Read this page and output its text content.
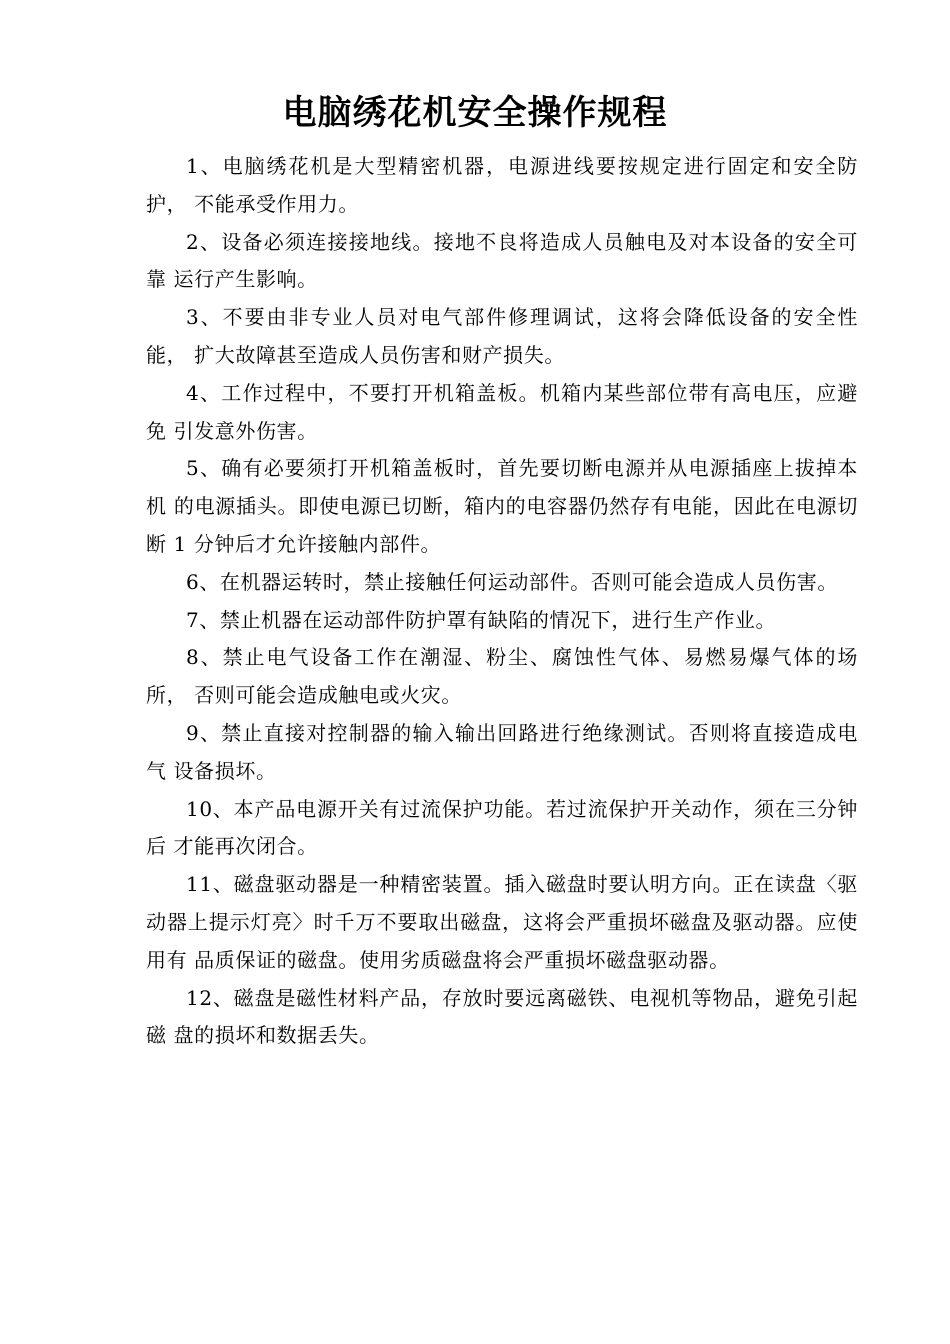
电脑绣花机安全操作规程

1、电脑绣花机是大型精密机器，电源进线要按规定进行固定和安全防护， 不能承受作用力。

2、设备必须连接接地线。接地不良将造成人员触电及对本设备的安全可靠 运行产生影响。

3、不要由非专业人员对电气部件修理调试，这将会降低设备的安全性能， 扩大故障甚至造成人员伤害和财产损失。

4、工作过程中，不要打开机箱盖板。机箱内某些部位带有高电压，应避免 引发意外伤害。

5、确有必要须打开机箱盖板时，首先要切断电源并从电源插座上拔掉本机 的电源插头。即使电源已切断，箱内的电容器仍然存有电能，因此在电源切断 1 分钟后才允许接触内部件。

6、在机器运转时，禁止接触任何运动部件。否则可能会造成人员伤害。

7、禁止机器在运动部件防护罩有缺陷的情况下，进行生产作业。

8、禁止电气设备工作在潮湿、粉尘、腐蚀性气体、易燃易爆气体的场所， 否则可能会造成触电或火灾。

9、禁止直接对控制器的输入输出回路进行绝缘测试。否则将直接造成电气 设备损坏。

10、本产品电源开关有过流保护功能。若过流保护开关动作，须在三分钟后 才能再次闭合。

11、磁盘驱动器是一种精密装置。插入磁盘时要认明方向。正在读盘〈驱动器上提示灯亮〉时千万不要取出磁盘，这将会严重损坏磁盘及驱动器。应使用有 品质保证的磁盘。使用劣质磁盘将会严重损坏磁盘驱动器。

12、磁盘是磁性材料产品，存放时要远离磁铁、电视机等物品，避免引起磁 盘的损坏和数据丢失。
